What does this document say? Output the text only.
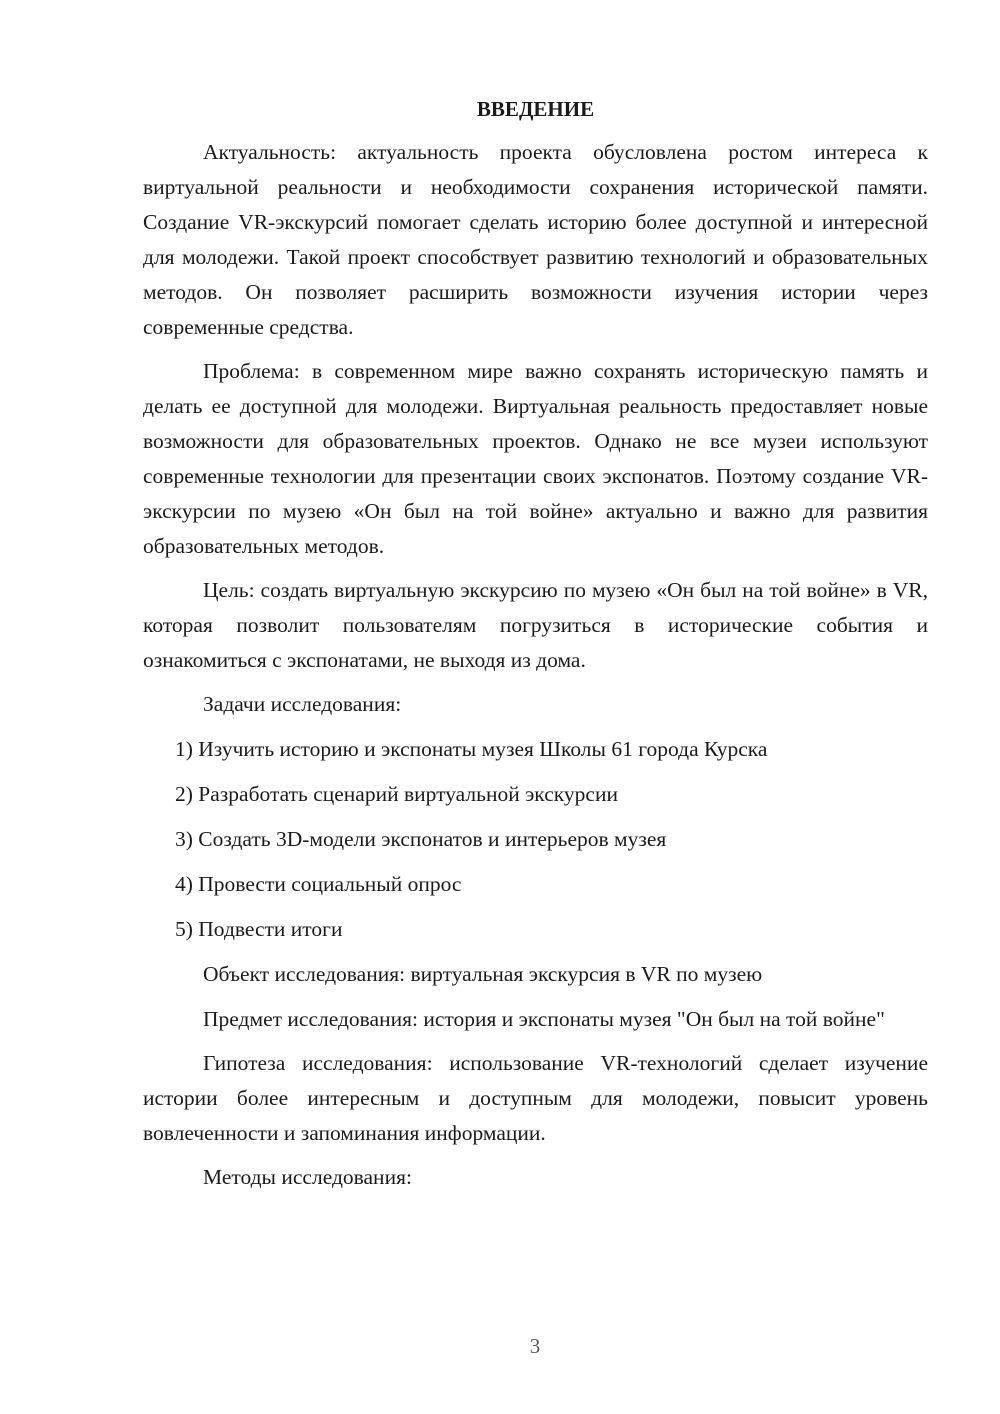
ВВЕДЕНИЕ

Актуальность: актуальность проекта обусловлена ростом интереса к виртуальной реальности и необходимости сохранения исторической памяти. Создание VR-экскурсий помогает сделать историю более доступной и интересной для молодежи. Такой проект способствует развитию технологий и образовательных методов. Он позволяет расширить возможности изучения истории через современные средства.

Проблема: в современном мире важно сохранять историческую память и делать ее доступной для молодежи. Виртуальная реальность предоставляет новые возможности для образовательных проектов. Однако не все музеи используют современные технологии для презентации своих экспонатов. Поэтому создание VR-экскурсии по музею «Он был на той войне» актуально и важно для развития образовательных методов.

Цель: создать виртуальную экскурсию по музею «Он был на той войне» в VR, которая позволит пользователям погрузиться в исторические события и ознакомиться с экспонатами, не выходя из дома.

Задачи исследования:

1) Изучить историю и экспонаты музея Школы 61 города Курска
2) Разработать сценарий виртуальной экскурсии
3) Создать 3D-модели экспонатов и интерьеров музея
4) Провести социальный опрос
5) Подвести итоги

Объект исследования: виртуальная экскурсия в VR по музею

Предмет исследования: история и экспонаты музея "Он был на той войне"

Гипотеза исследования: использование VR-технологий сделает изучение истории более интересным и доступным для молодежи, повысит уровень вовлеченности и запоминания информации.

Методы исследования:

3
